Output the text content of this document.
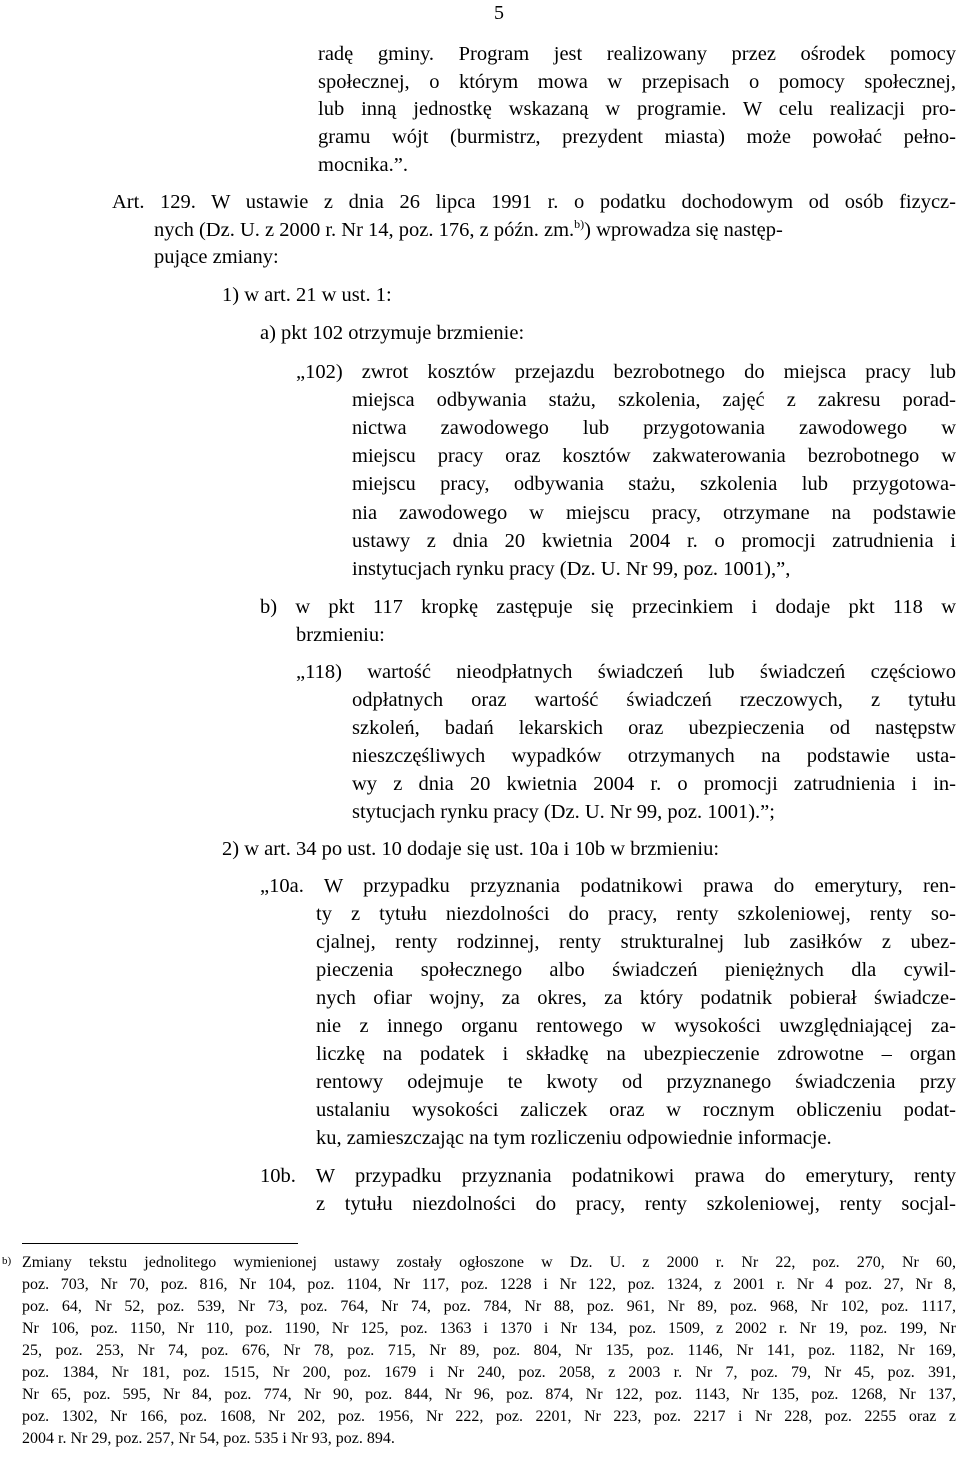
5
radę gminy. Program jest realizowany przez ośrodek pomocy
społecznej, o którym mowa w przepisach o pomocy społecznej,
lub inną jednostkę wskazaną w programie. W celu realizacji pro-
gramu wójt (burmistrz, prezydent miasta) może powołać pełno-
mocnika.”.
Art. 129. W ustawie z dnia 26 lipca 1991 r. o podatku dochodowym od osób fizycz-
nych (Dz. U. z 2000 r. Nr 14, poz. 176, z późn. zm.$^{b)}$) wprowadza się następ-
pujące zmiany:
1) w art. 21 w ust. 1:
a) pkt 102 otrzymuje brzmienie:
„102) zwrot kosztów przejazdu bezrobotnego do miejsca pracy lub
miejsca odbywania stażu, szkolenia, zajęć z zakresu porad-
nictwa zawodowego lub przygotowania zawodowego w
miejscu pracy oraz kosztów zakwaterowania bezrobotnego w
miejscu pracy, odbywania stażu, szkolenia lub przygotowa-
nia zawodowego w miejscu pracy, otrzymane na podstawie
ustawy z dnia 20 kwietnia 2004 r. o promocji zatrudnienia i
instytucjach rynku pracy (Dz. U. Nr 99, poz. 1001),”,
b) w pkt 117 kropkę zastępuje się przecinkiem i dodaje pkt 118 w
brzmieniu:
„118) wartość nieodpłatnych świadczeń lub świadczeń częściowo
odpłatnych oraz wartość świadczeń rzeczowych, z tytułu
szkoleń, badań lekarskich oraz ubezpieczenia od następstw
nieszczęśliwych wypadków otrzymanych na podstawie usta-
wy z dnia 20 kwietnia 2004 r. o promocji zatrudnienia i in-
stytucjach rynku pracy (Dz. U. Nr 99, poz. 1001).”;
2) w art. 34 po ust. 10 dodaje się ust. 10a i 10b w brzmieniu:
„10a. W przypadku przyznania podatnikowi prawa do emerytury, ren-
ty z tytułu niezdolności do pracy, renty szkoleniowej, renty so-
cjalnej, renty rodzinnej, renty strukturalnej lub zasiłków z ubez-
pieczenia społecznego albo świadczeń pieniężnych dla cywil-
nych ofiar wojny, za okres, za który podatnik pobierał świadcze-
nie z innego organu rentowego w wysokości uwzględniającej za-
liczkę na podatek i składkę na ubezpieczenie zdrowotne – organ
rentowy odejmuje te kwoty od przyznanego świadczenia przy
ustalaniu wysokości zaliczek oraz w rocznym obliczeniu podat-
ku, zamieszczając na tym rozliczeniu odpowiednie informacje.
10b. W przypadku przyznania podatnikowi prawa do emerytury, renty
z tytułu niezdolności do pracy, renty szkoleniowej, renty socjal-
b) Zmiany tekstu jednolitego wymienionej ustawy zostały ogłoszone w Dz. U. z 2000 r. Nr 22, poz. 270, Nr 60,
poz. 703, Nr 70, poz. 816, Nr 104, poz. 1104, Nr 117, poz. 1228 i Nr 122, poz. 1324, z 2001 r. Nr 4 poz. 27, Nr 8,
poz. 64, Nr 52, poz. 539, Nr 73, poz. 764, Nr 74, poz. 784, Nr 88, poz. 961, Nr 89, poz. 968, Nr 102, poz. 1117,
Nr 106, poz. 1150, Nr 110, poz. 1190, Nr 125, poz. 1363 i 1370 i Nr 134, poz. 1509, z 2002 r. Nr 19, poz. 199, Nr
25, poz. 253, Nr 74, poz. 676, Nr 78, poz. 715, Nr 89, poz. 804, Nr 135, poz. 1146, Nr 141, poz. 1182, Nr 169,
poz. 1384, Nr 181, poz. 1515, Nr 200, poz. 1679 i Nr 240, poz. 2058, z 2003 r. Nr 7, poz. 79, Nr 45, poz. 391,
Nr 65, poz. 595, Nr 84, poz. 774, Nr 90, poz. 844, Nr 96, poz. 874, Nr 122, poz. 1143, Nr 135, poz. 1268, Nr 137,
poz. 1302, Nr 166, poz. 1608, Nr 202, poz. 1956, Nr 222, poz. 2201, Nr 223, poz. 2217 i Nr 228, poz. 2255 oraz z
2004 r. Nr 29, poz. 257, Nr 54, poz. 535 i Nr 93, poz. 894.
